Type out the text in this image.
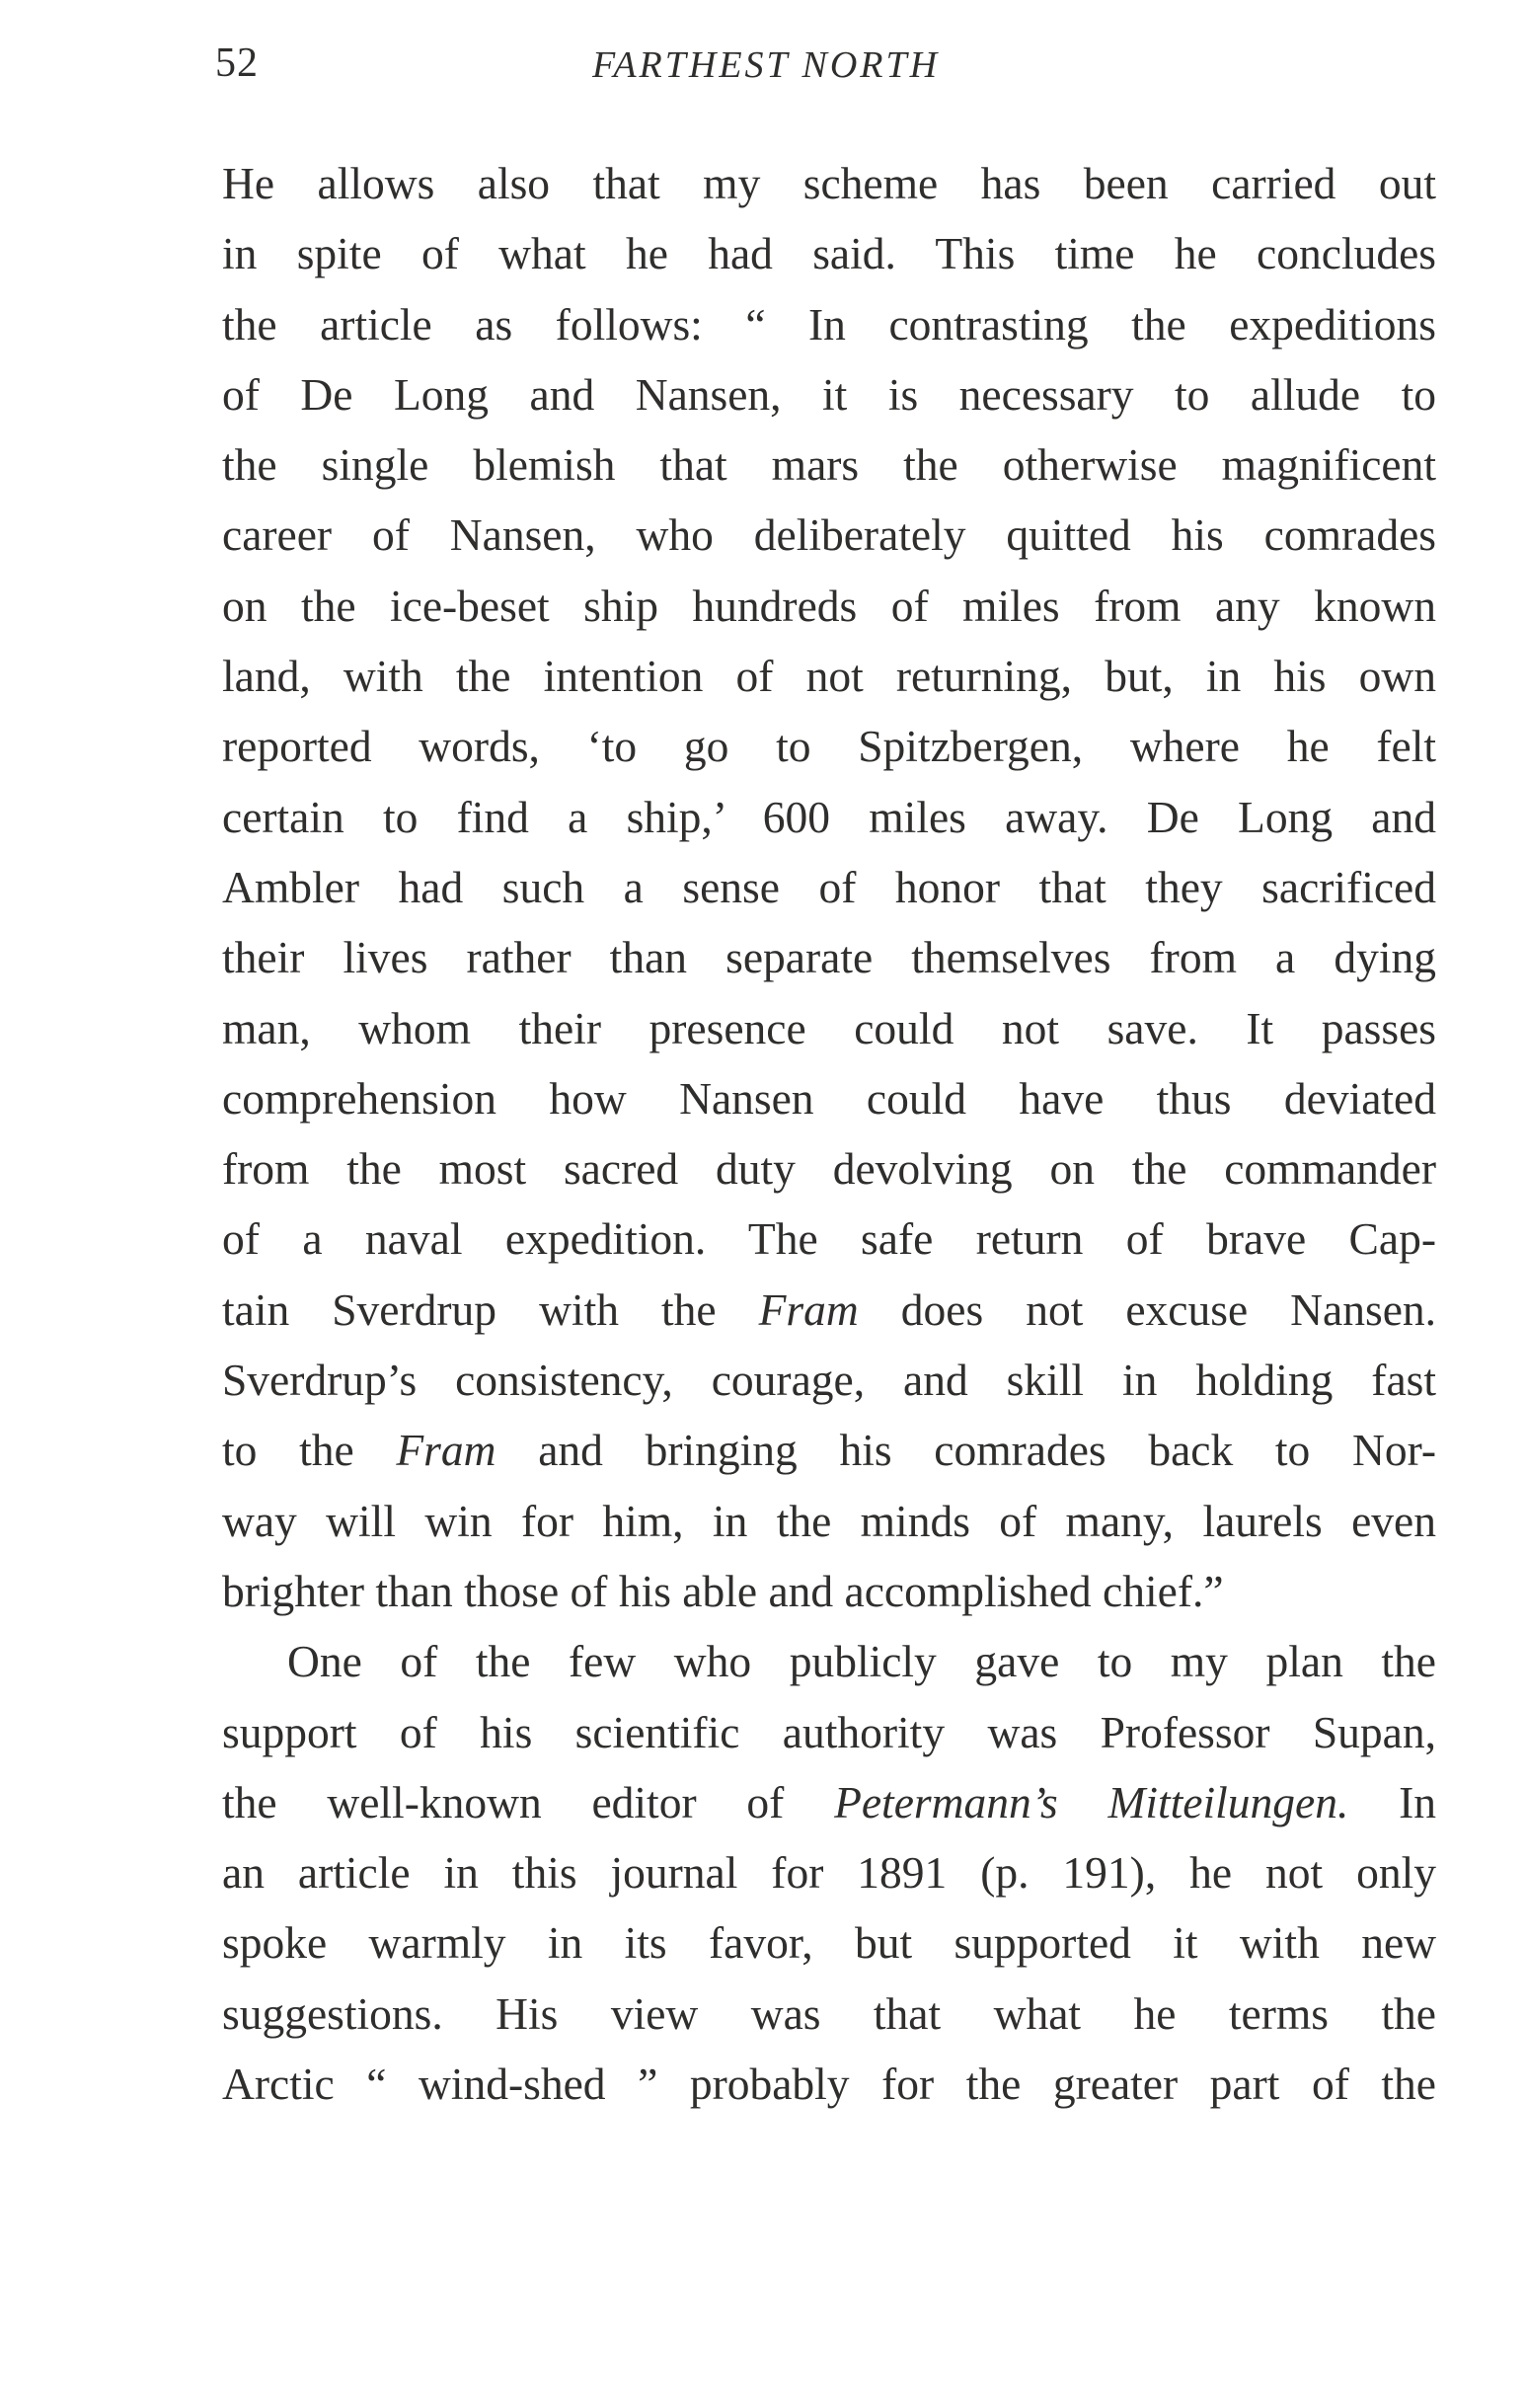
52	FARTHEST NORTH
He allows also that my scheme has been carried out
in spite of what he had said. This time he concludes
the article as follows: “ In contrasting the expeditions
of De Long and Nansen, it is necessary to allude to
the single blemish that mars the otherwise magnificent
career of Nansen, who deliberately quitted his comrades
on the ice-beset ship hundreds of miles from any known
land, with the intention of not returning, but, in his own
reported words, ‘to go to Spitzbergen, where he felt
certain to find a ship,’ 600 miles away. De Long and
Ambler had such a sense of honor that they sacrificed
their lives rather than separate themselves from a dying
man, whom their presence could not save. It passes
comprehension how Nansen could have thus deviated
from the most sacred duty devolving on the commander
of a naval expedition. The safe return of brave Cap-
tain Sverdrup with the Fram does not excuse Nansen.
Sverdrup’s consistency, courage, and skill in holding fast
to the Fram and bringing his comrades back to Nor-
way will win for him, in the minds of many, laurels even
brighter than those of his able and accomplished chief.”
One of the few who publicly gave to my plan the
support of his scientific authority was Professor Supan,
the well-known editor of Petermann’s Mitteilungen. In
an article in this journal for 1891 (p. 191), he not only
spoke warmly in its favor, but supported it with new
suggestions. His view was that what he terms the
Arctic “ wind-shed ” probably for the greater part of the
